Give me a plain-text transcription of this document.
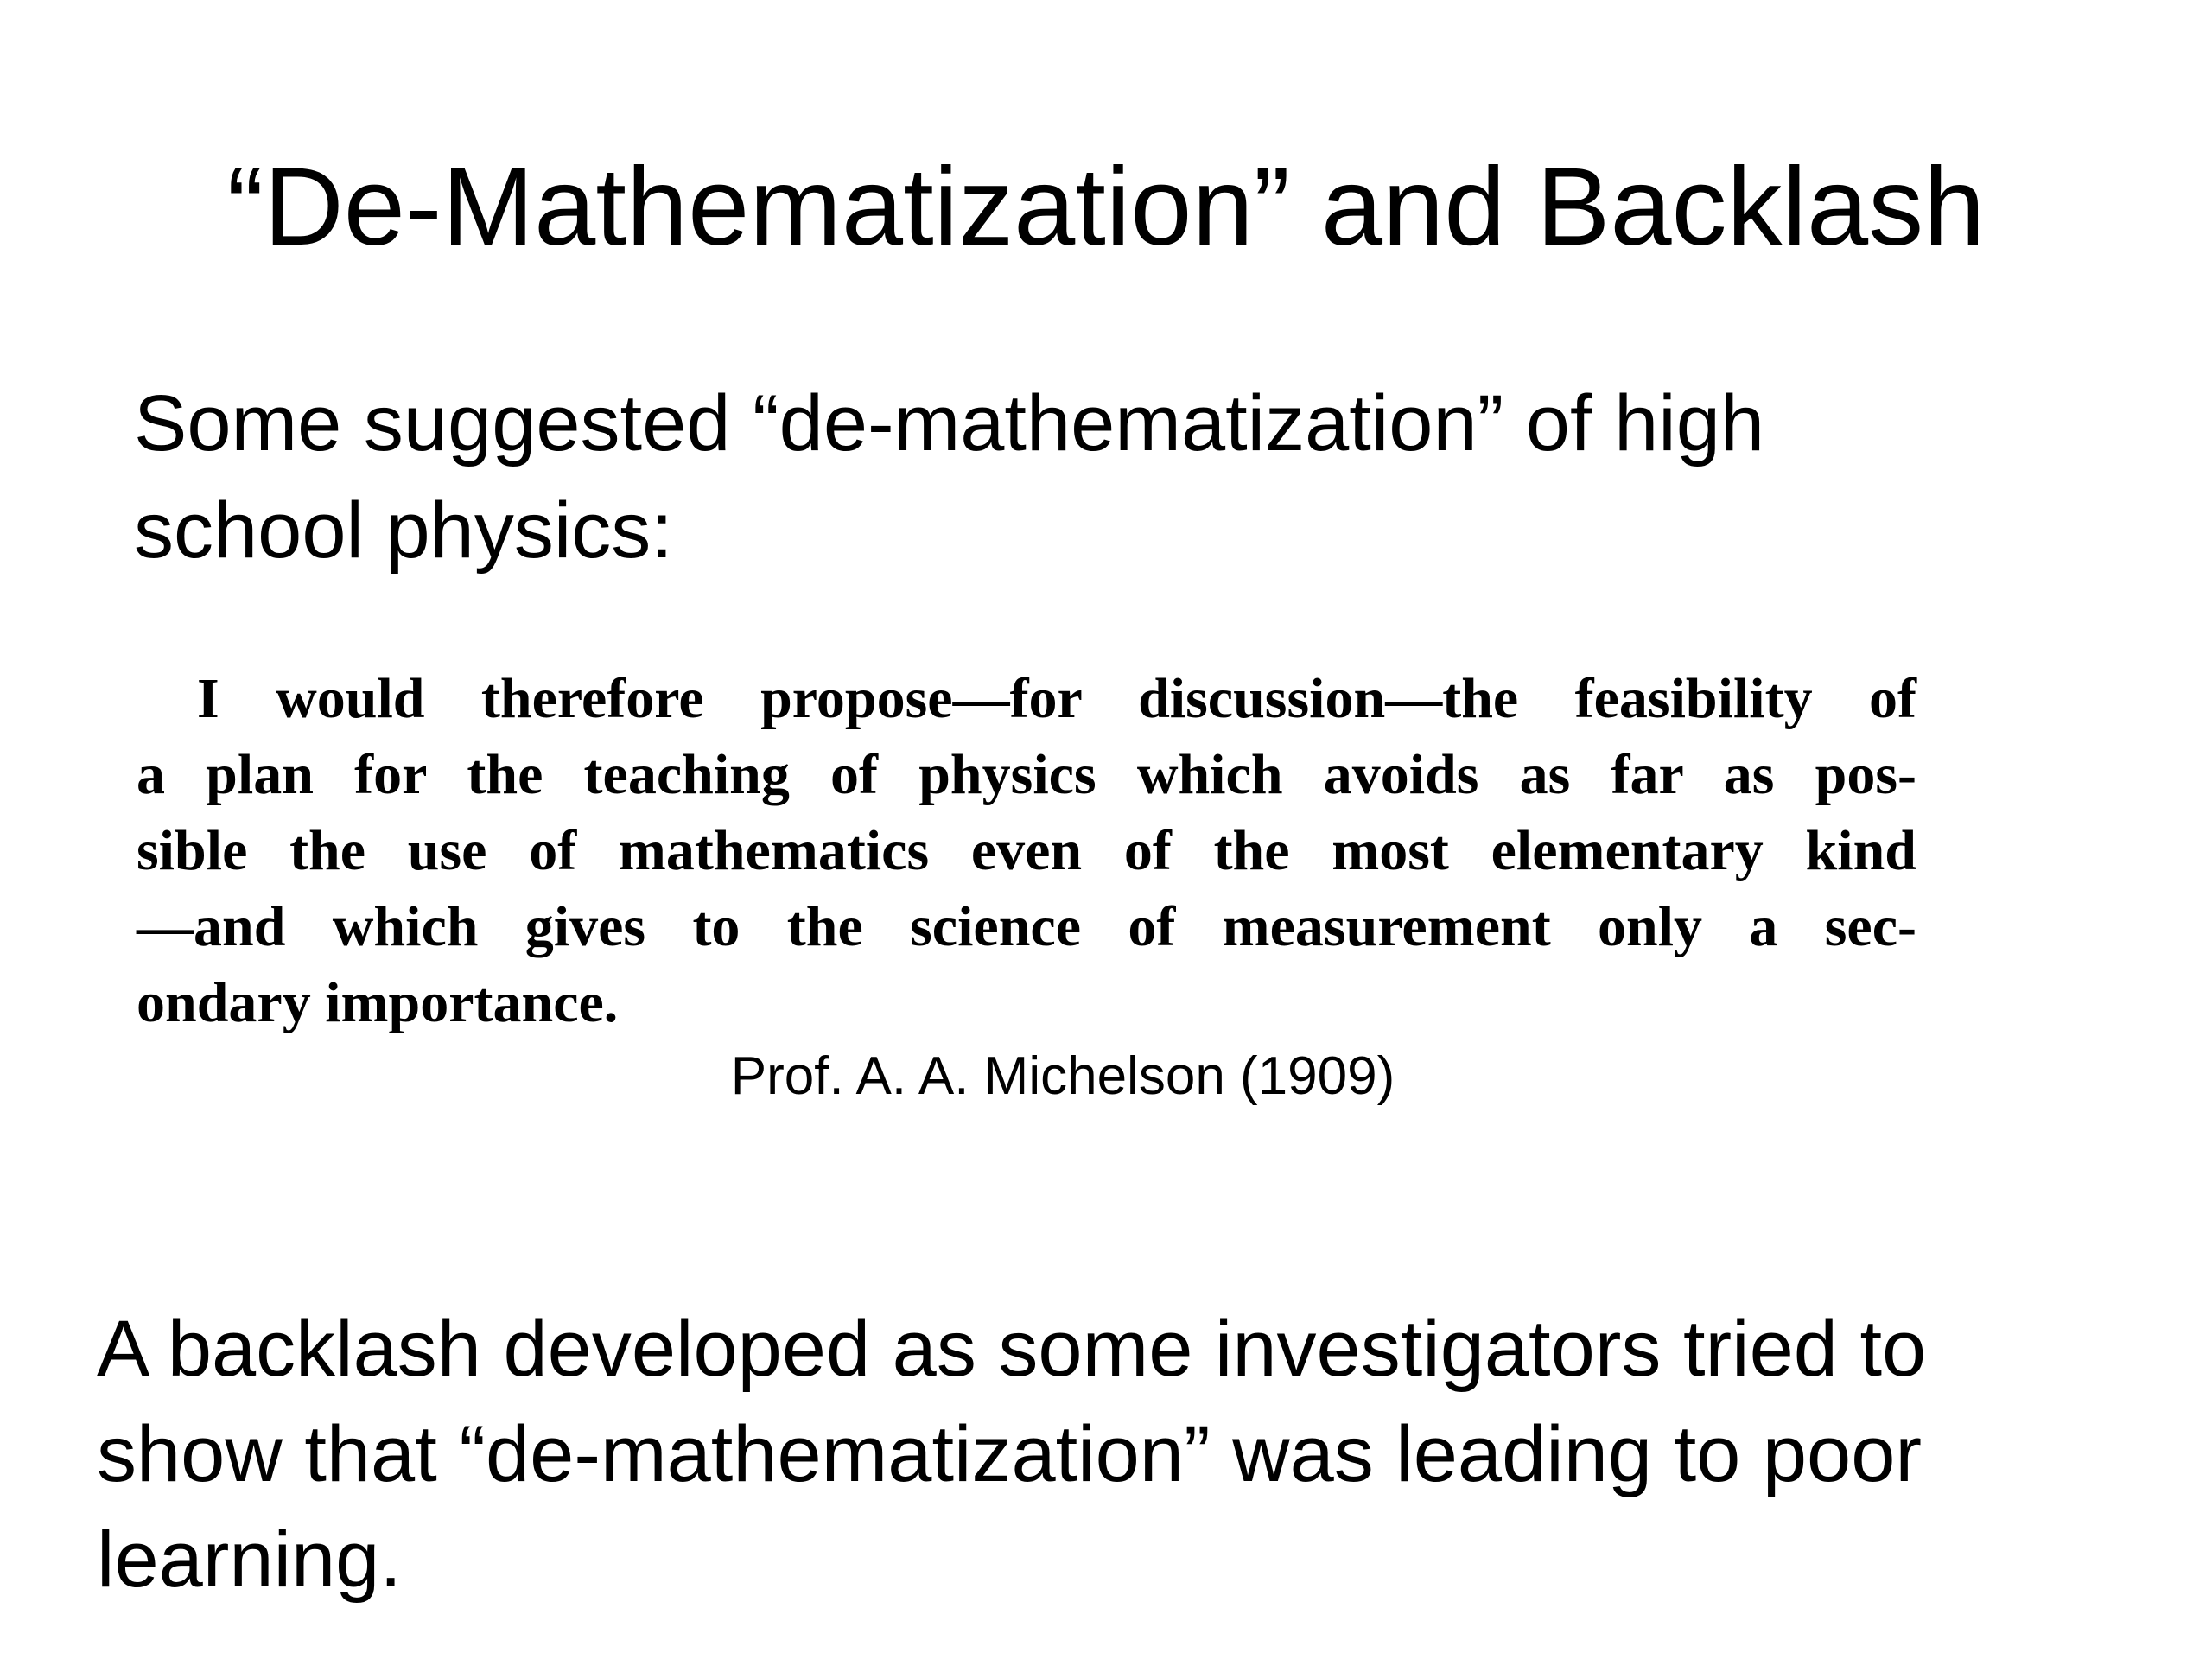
“De-Mathematization” and Backlash
Some suggested “de-mathematization” of high
school physics:
I would therefore propose—for discussion—the feasibility of
a plan for the teaching of physics which avoids as far as pos-
sible the use of mathematics even of the most elementary kind
—and which gives to the science of measurement only a sec-
ondary importance.
Prof. A. A. Michelson (1909)
A backlash developed as some investigators tried to
show that “de-mathematization” was leading to poor
learning.
